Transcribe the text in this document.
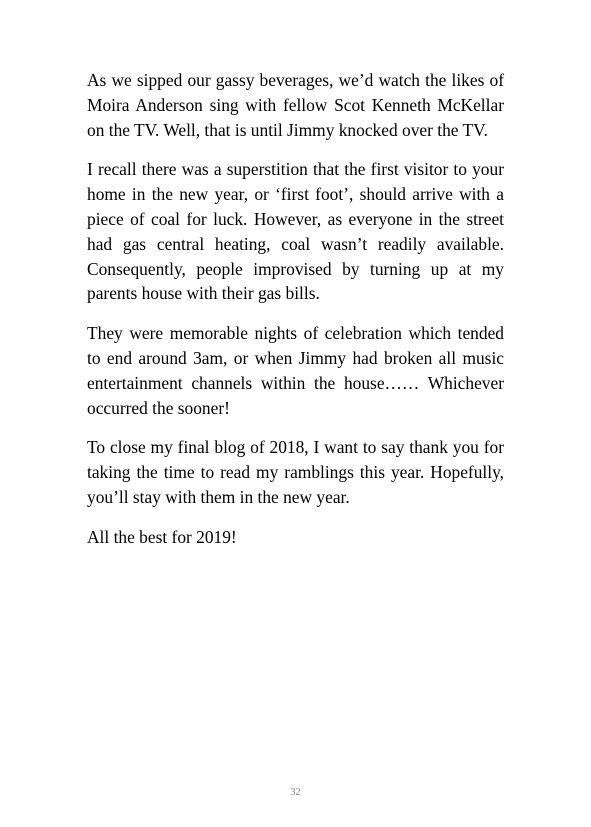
As we sipped our gassy beverages, we’d watch the likes of Moira Anderson sing with fellow Scot Kenneth McKellar on the TV. Well, that is until Jimmy knocked over the TV.

I recall there was a superstition that the first visitor to your home in the new year, or ‘first foot’, should arrive with a piece of coal for luck. However, as everyone in the street had gas central heating, coal wasn’t readily available. Consequently, people improvised by turning up at my parents house with their gas bills.

They were memorable nights of celebration which tended to end around 3am, or when Jimmy had broken all music entertainment channels within the house…… Whichever occurred the sooner!

To close my final blog of 2018, I want to say thank you for taking the time to read my ramblings this year. Hopefully, you’ll stay with them in the new year.

All the best for 2019!

32
